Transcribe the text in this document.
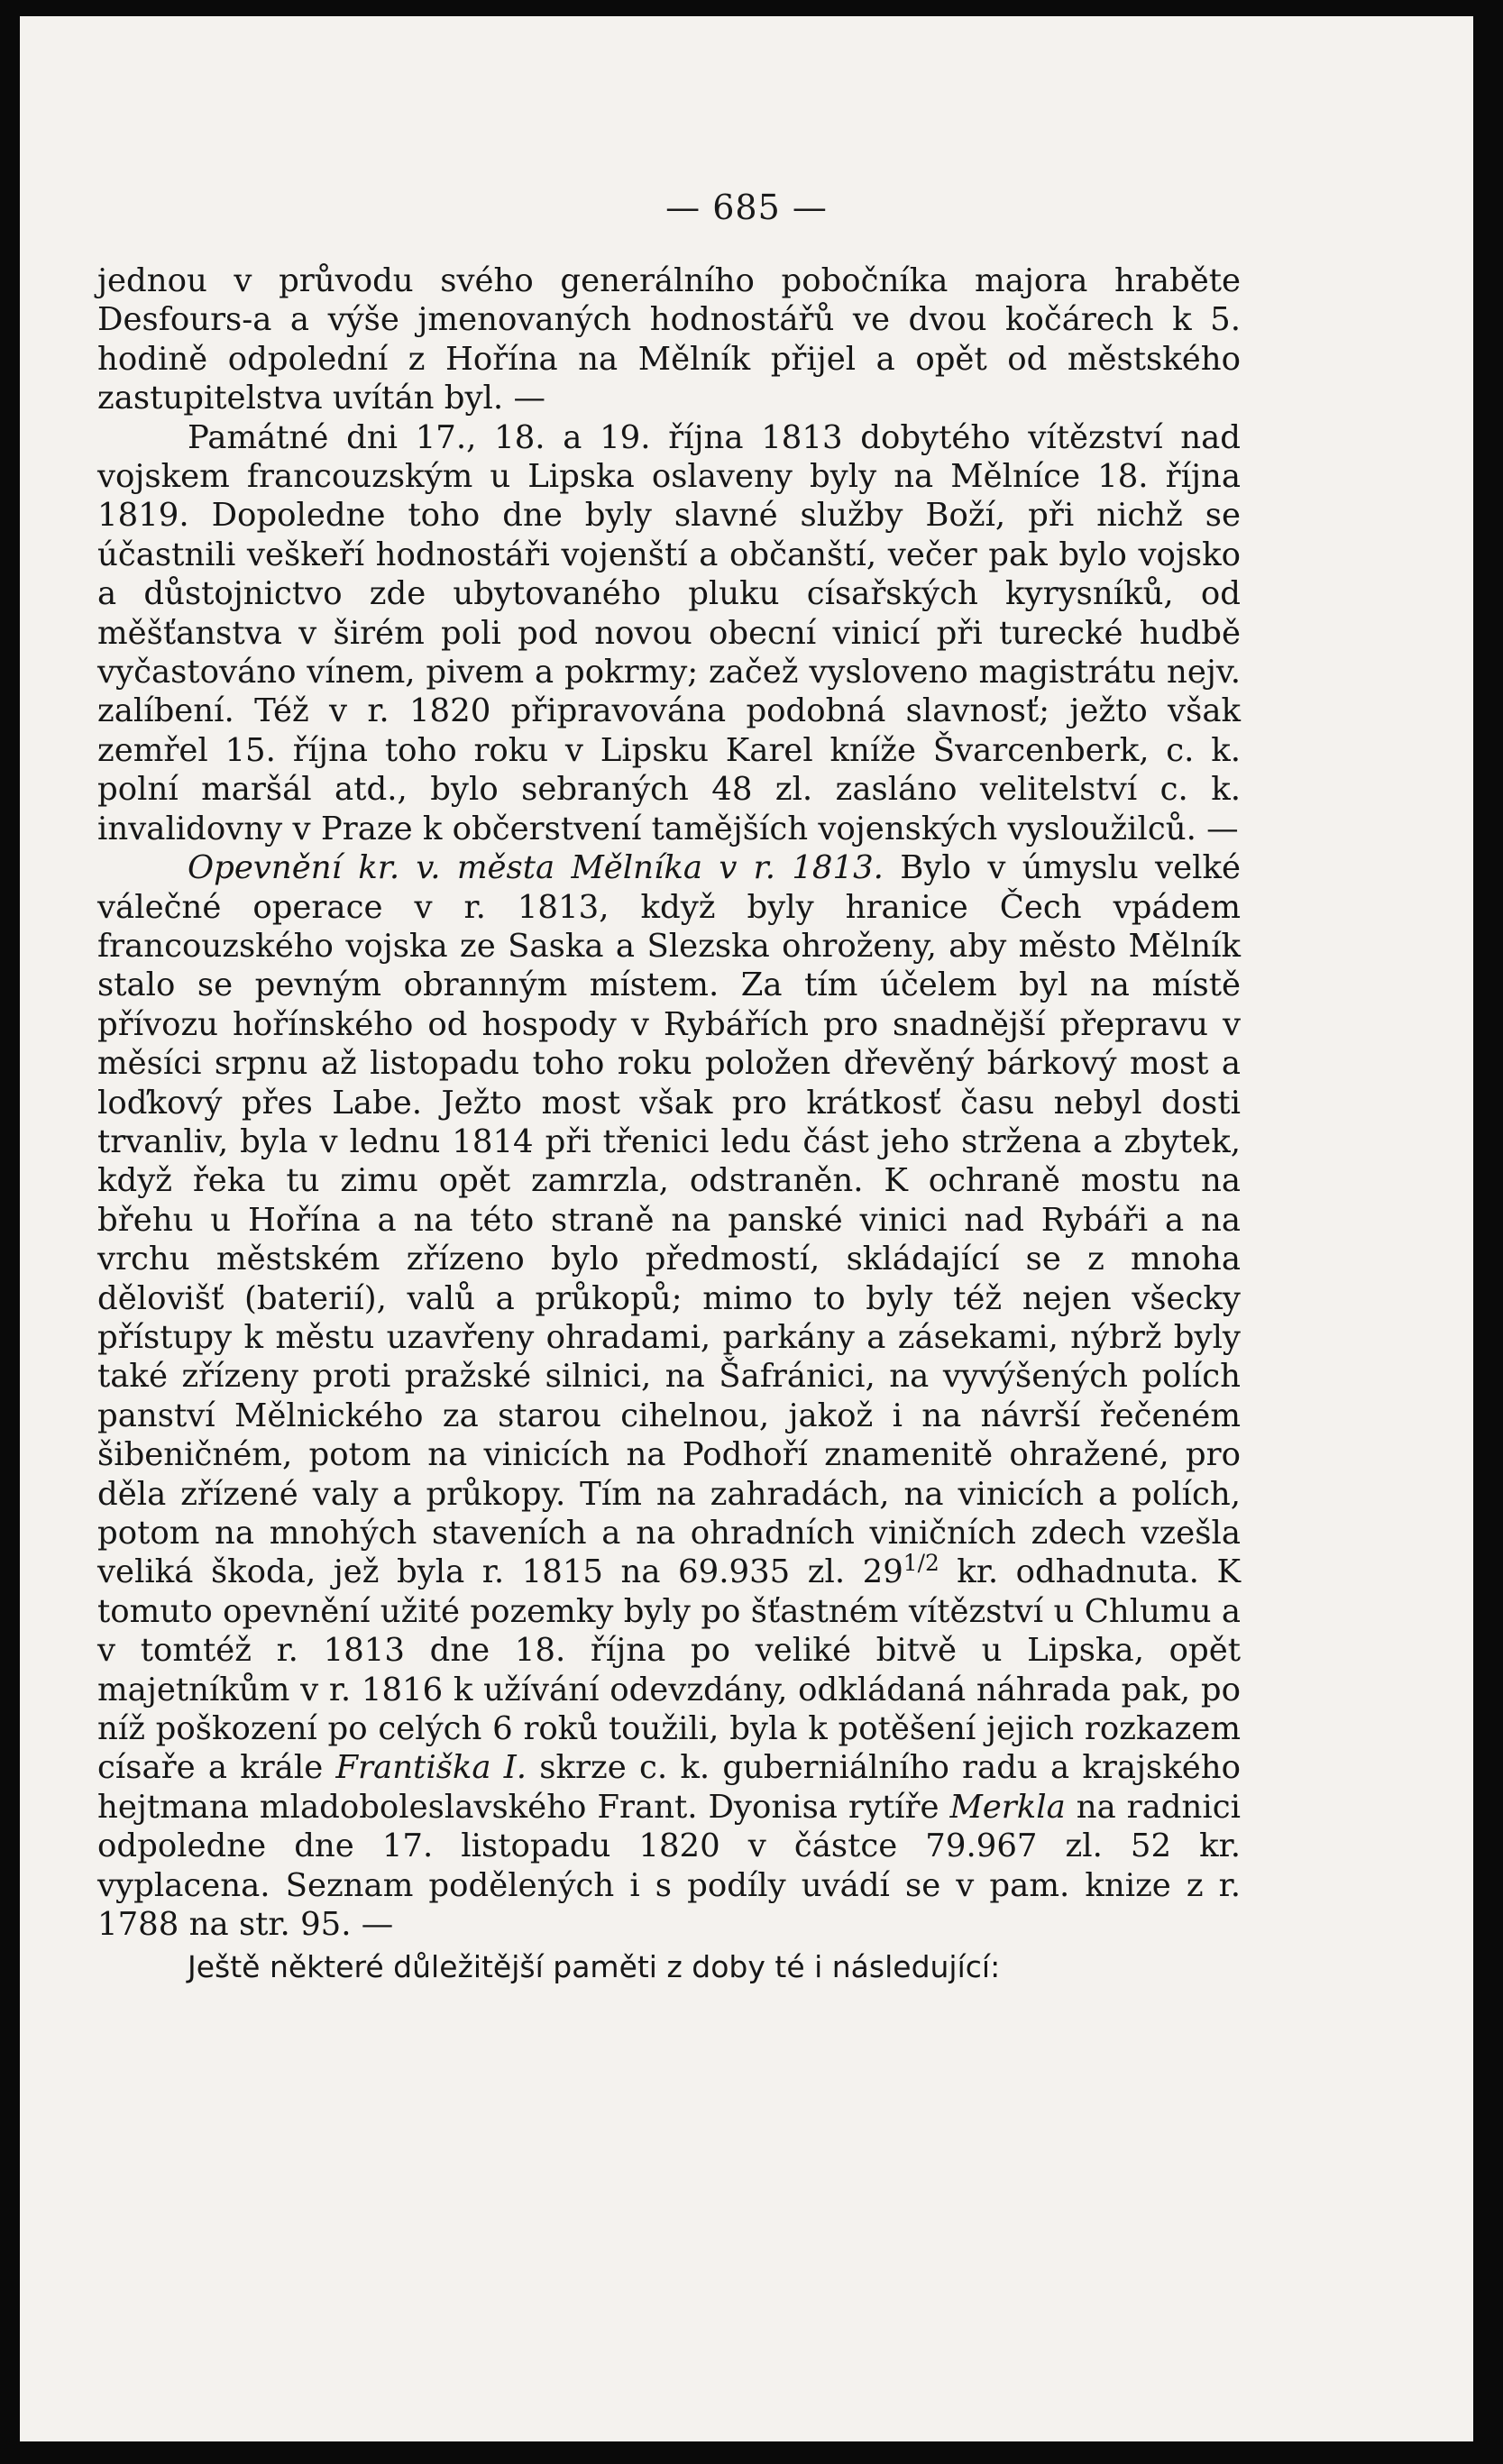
— 685 —

jednou v průvodu svého generálního pobočníka majora hraběte Desfours-a a výše jmenovaných hodnostářů ve dvou kočárech k 5. hodině odpolední z Hořína na Mělník přijel a opět od městského zastupitelstva uvítán byl. —

Památné dni 17., 18. a 19. října 1813 dobytého vítězství nad vojskem francouzským u Lipska oslaveny byly na Mělníce 18. října 1819. Dopoledne toho dne byly slavné služby Boží, při nichž se účastnili veškeří hodnostáři vojenští a občanští, večer pak bylo vojsko a důstojnictvo zde ubytovaného pluku císařských kyrysníků, od měšťanstva v širém poli pod novou obecní vinicí při turecké hudbě vyčastováno vínem, pivem a pokrmy; začež vysloveno magistrátu nejv. zalíbení. Též v r. 1820 připravována podobná slavnosť; ježto však zemřel 15. října toho roku v Lipsku Karel kníže Švarcenberk, c. k. polní maršál atd., bylo sebraných 48 zl. zasláno velitelství c. k. invalidovny v Praze k občerstvení tamějších vojenských vysloužilců. —

Opevnění kr. v. města Mělníka v r. 1813. Bylo v úmyslu velké válečné operace v r. 1813, když byly hranice Čech vpádem francouzského vojska ze Saska a Slezska ohroženy, aby město Mělník stalo se pevným obranným místem. Za tím účelem byl na místě přívozu hořínského od hospody v Rybářích pro snadnější přepravu v měsíci srpnu až listopadu toho roku položen dřevěný bárkový most a loďkový přes Labe. Ježto most však pro krátkosť času nebyl dosti trvanliv, byla v lednu 1814 při třenici ledu část jeho stržena a zbytek, když řeka tu zimu opět zamrzla, odstraněn. K ochraně mostu na břehu u Hořína a na této straně na panské vinici nad Rybáři a na vrchu městském zřízeno bylo předmostí, skládající se z mnoha dělovišť (baterií), valů a průkopů; mimo to byly též nejen všecky přístupy k městu uzavřeny ohradami, parkány a zásekami, nýbrž byly také zřízeny proti pražské silnici, na Šafránici, na vyvýšených polích panství Mělnického za starou cihelnou, jakož i na návrší řečeném šibeničném, potom na vinicích na Podhoří znamenitě ohražené, pro děla zřízené valy a průkopy. Tím na zahradách, na vinicích a polích, potom na mnohých staveních a na ohradních viničních zdech vzešla veliká škoda, jež byla r. 1815 na 69.935 zl. $29^{1/2}$ kr. odhadnuta. K tomuto opevnění užité pozemky byly po šťastném vítězství u Chlumu a v tomtéž r. 1813 dne 18. října po veliké bitvě u Lipska, opět majetníkům v r. 1816 k užívání odevzdány, odkládaná náhrada pak, po níž poškození po celých 6 roků toužili, byla k potěšení jejich rozkazem císaře a krále Františka I. skrze c. k. guberniálního radu a krajského hejtmana mladoboleslavského Frant. Dyonisa rytíře Merkla na radnici odpoledne dne 17. listopadu 1820 v částce 79.967 zl. 52 kr. vyplacena. Seznam podělených i s podíly uvádí se v pam. knize z r. 1788 na str. 95. —

Ještě některé důležitější paměti z doby té i následující:
